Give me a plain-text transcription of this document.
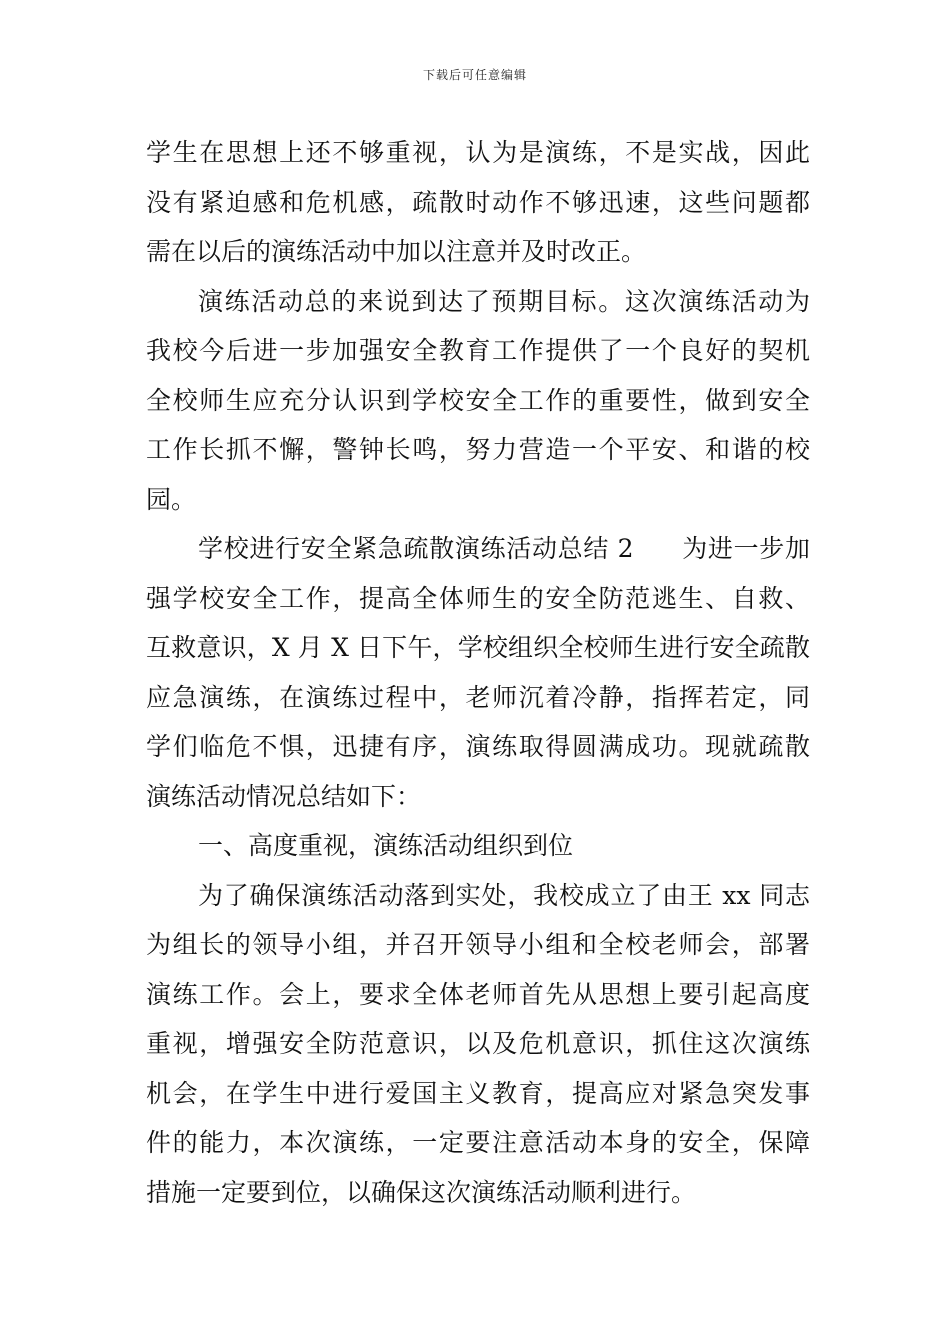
下载后可任意编辑
学生在思想上还不够重视，认为是演练，不是实战，因此
没有紧迫感和危机感，疏散时动作不够迅速，这些问题都
需在以后的演练活动中加以注意并及时改正。
演练活动总的来说到达了预期目标。这次演练活动为
我校今后进一步加强安全教育工作提供了一个良好的契机
全校师生应充分认识到学校安全工作的重要性，做到安全
工作长抓不懈，警钟长鸣，努力营造一个平安、和谐的校
园。
学校进行安全紧急疏散演练活动总结 2 为进一步加
强学校安全工作，提高全体师生的安全防范逃生、自救、
互救意识，X 月 X 日下午，学校组织全校师生进行安全疏散
应急演练，在演练过程中，老师沉着冷静，指挥若定，同
学们临危不惧，迅捷有序，演练取得圆满成功。现就疏散
演练活动情况总结如下：
一、高度重视，演练活动组织到位
为了确保演练活动落到实处，我校成立了由王 xx 同志
为组长的领导小组，并召开领导小组和全校老师会，部署
演练工作。会上，要求全体老师首先从思想上要引起高度
重视，增强安全防范意识，以及危机意识，抓住这次演练
机会，在学生中进行爱国主义教育，提高应对紧急突发事
件的能力，本次演练，一定要注意活动本身的安全，保障
措施一定要到位，以确保这次演练活动顺利进行。
